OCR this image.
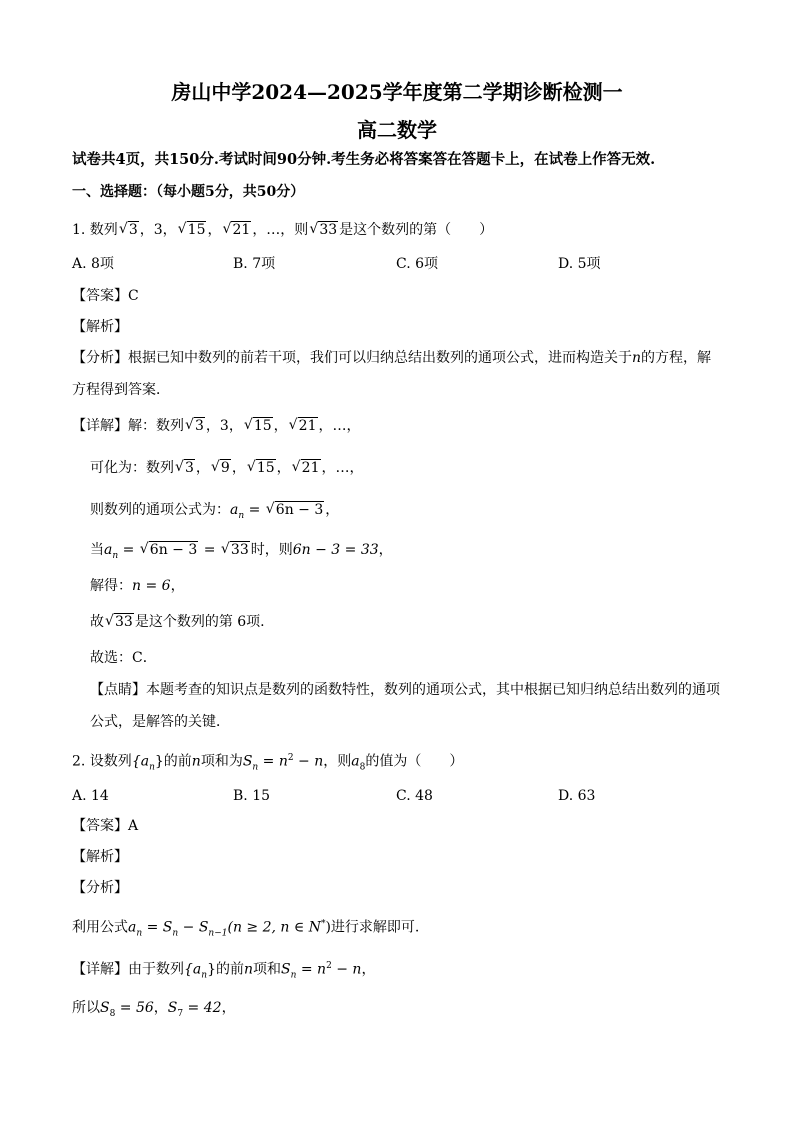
房山中学2024—2025学年度第二学期诊断检测一
高二数学
试卷共4页，共150分.考试时间90分钟.考生务必将答案答在答题卡上，在试卷上作答无效.
一、选择题：（每小题5分，共50分）
1. 数列 √ 3 ，3， √ 15 ， √ 21 ，…，则 √ 33 是这个数列的第（　　）
A. 8项	B. 7项	C. 6项	D. 5项
【答案】C
【解析】
【分析】根据已知中数列的前若干项，我们可以归纳总结出数列的通项公式，进而构造关于n的方程，解
方程得到答案．
【详解】解：数列 √ 3 ，3， √ 15 ， √ 21 ，…，
可化为：数列 √ 3 ， √ 9 ， √ 15 ， √ 21 ，…，
则数列的通项公式为：$a_n$ = √ 6n − 3 ，
当$a_n$ = √ 6n − 3 = √ 33 时，则6n − 3 = 33，
解得：n = 6，
故 √ 33 是这个数列的第 6项.
故选：C．
【点睛】本题考查的知识点是数列的函数特性，数列的通项公式，其中根据已知归纳总结出数列的通项
公式，是解答的关键．
2. 设数列$\{a_n\}$的前n项和为$S_n = n^2 - n$，则$a_8$的值为（　　）
A. 14	B. 15	C. 48	D. 63
【答案】A
【解析】
【分析】
利用公式$a_n = S_n - S_{n-1}(n \ge 2$, n ∈ N*)进行求解即可.
【详解】由于数列$\{a_n\}$的前n项和$S_n = n^2 - n$，
所以$S_8 = 56$，$S_7 = 42$，
